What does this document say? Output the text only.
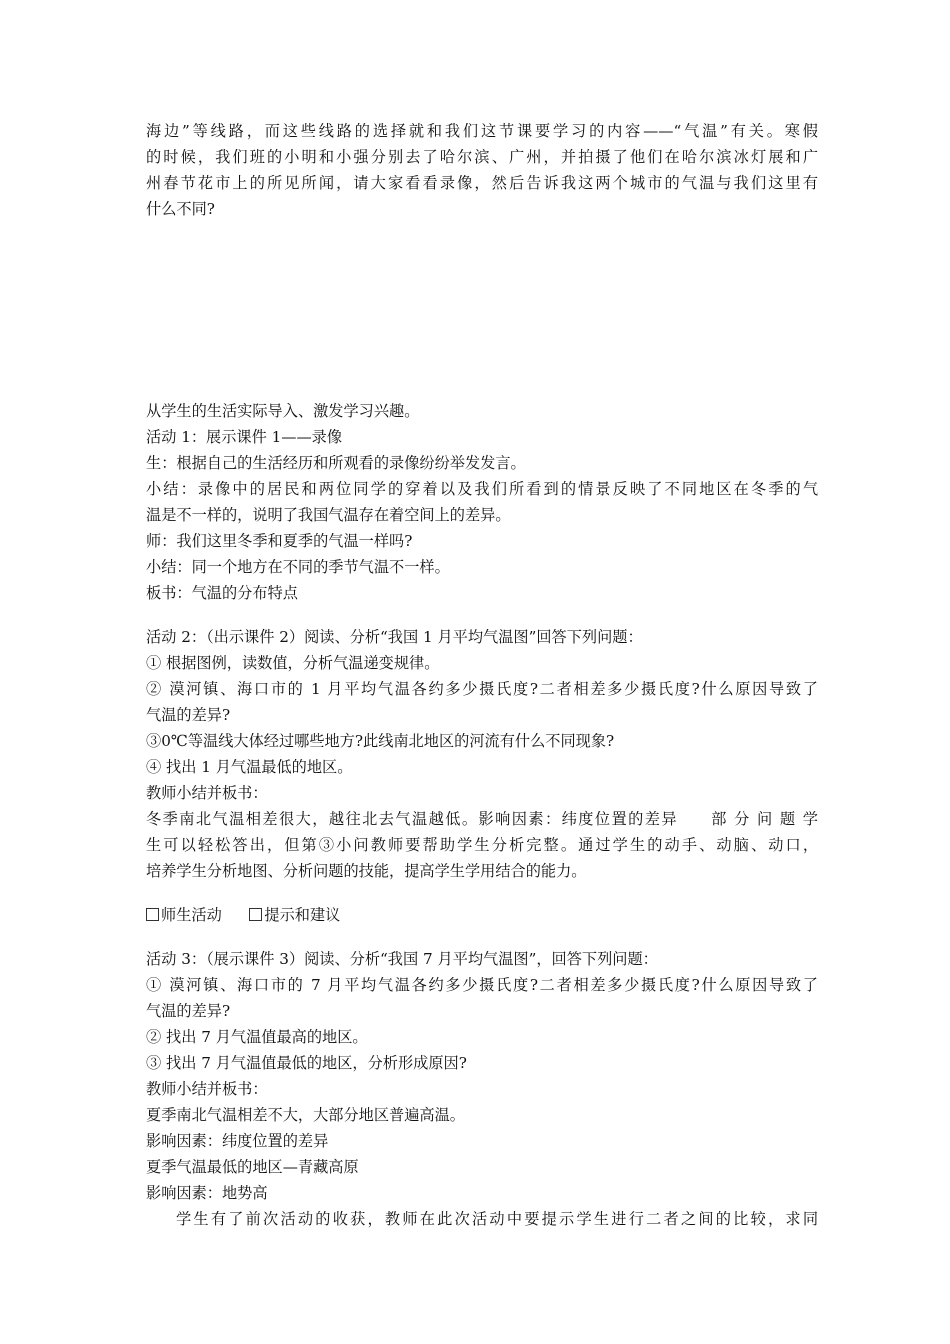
海边”等线路，而这些线路的选择就和我们这节课要学习的内容——“气温”有关。寒假
的时候，我们班的小明和小强分别去了哈尔滨、广州，并拍摄了他们在哈尔滨冰灯展和广
州春节花市上的所见所闻，请大家看看录像，然后告诉我这两个城市的气温与我们这里有
什么不同?
从学生的生活实际导入、激发学习兴趣。
活动 1：展示课件 1——录像
生：根据自己的生活经历和所观看的录像纷纷举发发言。
小结：录像中的居民和两位同学的穿着以及我们所看到的情景反映了不同地区在冬季的气
温是不一样的，说明了我国气温存在着空间上的差异。
师：我们这里冬季和夏季的气温一样吗?
小结：同一个地方在不同的季节气温不一样。
板书：气温的分布特点
活动 2：（出示课件 2）阅读、分析“我国 1 月平均气温图”回答下列问题：
① 根据图例，读数值，分析气温递变规律。
② 漠河镇、海口市的 1 月平均气温各约多少摄氏度?二者相差多少摄氏度?什么原因导致了
气温的差异?
③0℃等温线大体经过哪些地方?此线南北地区的河流有什么不同现象?
④ 找出 1 月气温最低的地区。
教师小结并板书：
冬季南北气温相差很大，越往北去气温越低。影响因素：纬度位置的差异　　部 分 问 题 学
生可以轻松答出，但第③小问教师要帮助学生分析完整。通过学生的动手、动脑、动口，
培养学生分析地图、分析问题的技能，提高学生学用结合的能力。
师生活动	提示和建议
活动 3：（展示课件 3）阅读、分析“我国 7 月平均气温图”，回答下列问题：
① 漠河镇、海口市的 7 月平均气温各约多少摄氏度?二者相差多少摄氏度?什么原因导致了
气温的差异?
② 找出 7 月气温值最高的地区。
③ 找出 7 月气温值最低的地区，分析形成原因?
教师小结并板书：
夏季南北气温相差不大，大部分地区普遍高温。
影响因素：纬度位置的差异
夏季气温最低的地区—青藏高原
影响因素：地势高
学生有了前次活动的收获，教师在此次活动中要提示学生进行二者之间的比较，求同
